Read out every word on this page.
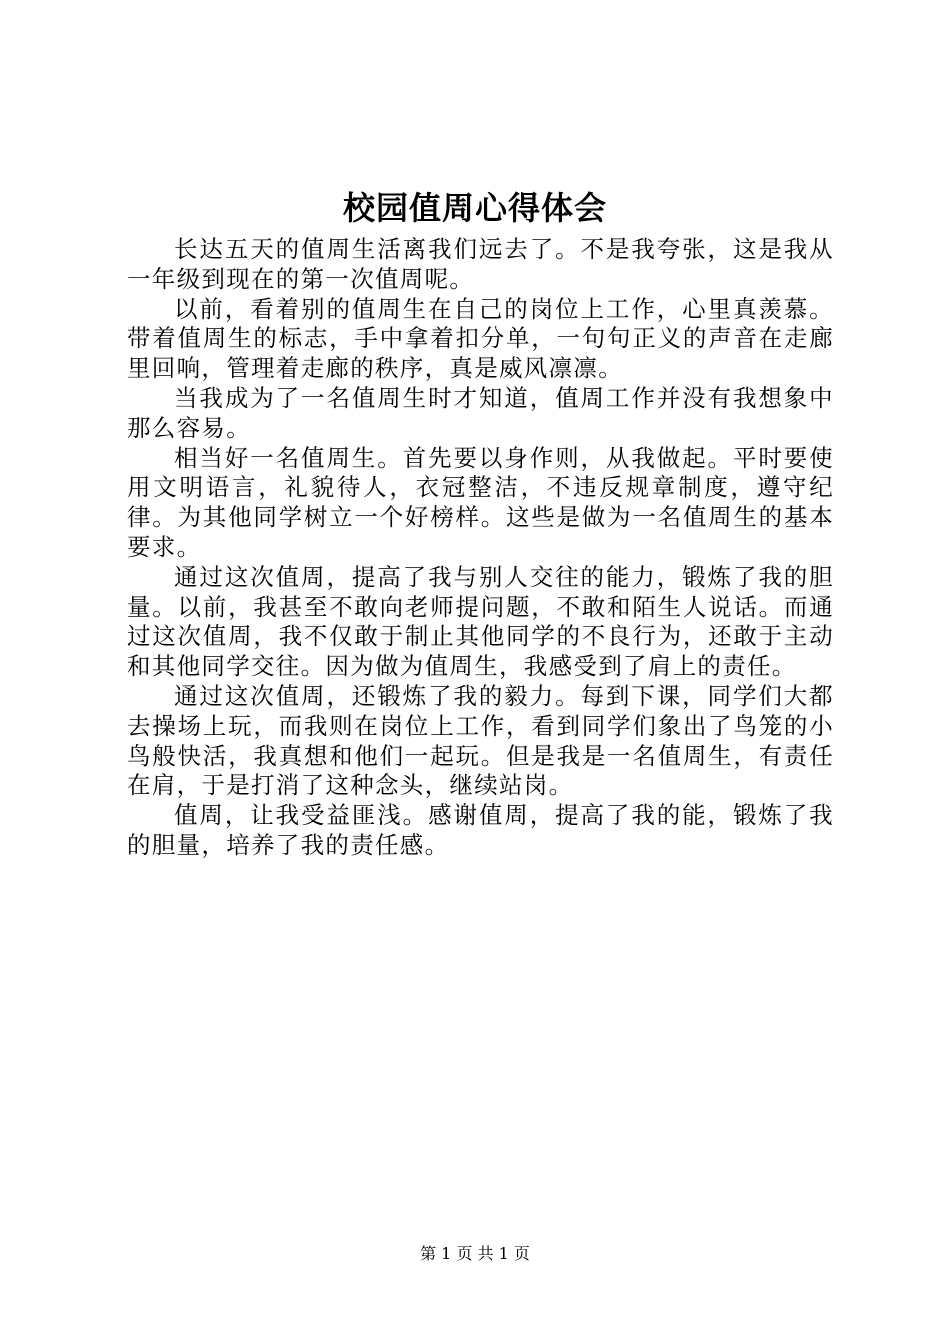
校园值周心得体会

长达五天的值周生活离我们远去了。不是我夸张，这是我从一年级到现在的第一次值周呢。

以前，看着别的值周生在自己的岗位上工作，心里真羡慕。带着值周生的标志，手中拿着扣分单，一句句正义的声音在走廊里回响，管理着走廊的秩序，真是威风凛凛。

当我成为了一名值周生时才知道，值周工作并没有我想象中那么容易。

相当好一名值周生。首先要以身作则，从我做起。平时要使用文明语言，礼貌待人，衣冠整洁，不违反规章制度，遵守纪律。为其他同学树立一个好榜样。这些是做为一名值周生的基本要求。

通过这次值周，提高了我与别人交往的能力，锻炼了我的胆量。以前，我甚至不敢向老师提问题，不敢和陌生人说话。而通过这次值周，我不仅敢于制止其他同学的不良行为，还敢于主动和其他同学交往。因为做为值周生，我感受到了肩上的责任。

通过这次值周，还锻炼了我的毅力。每到下课，同学们大都去操场上玩，而我则在岗位上工作，看到同学们象出了鸟笼的小鸟般快活，我真想和他们一起玩。但是我是一名值周生，有责任在肩，于是打消了这种念头，继续站岗。

值周，让我受益匪浅。感谢值周，提高了我的能，锻炼了我的胆量，培养了我的责任感。

第 1 页 共 1 页
